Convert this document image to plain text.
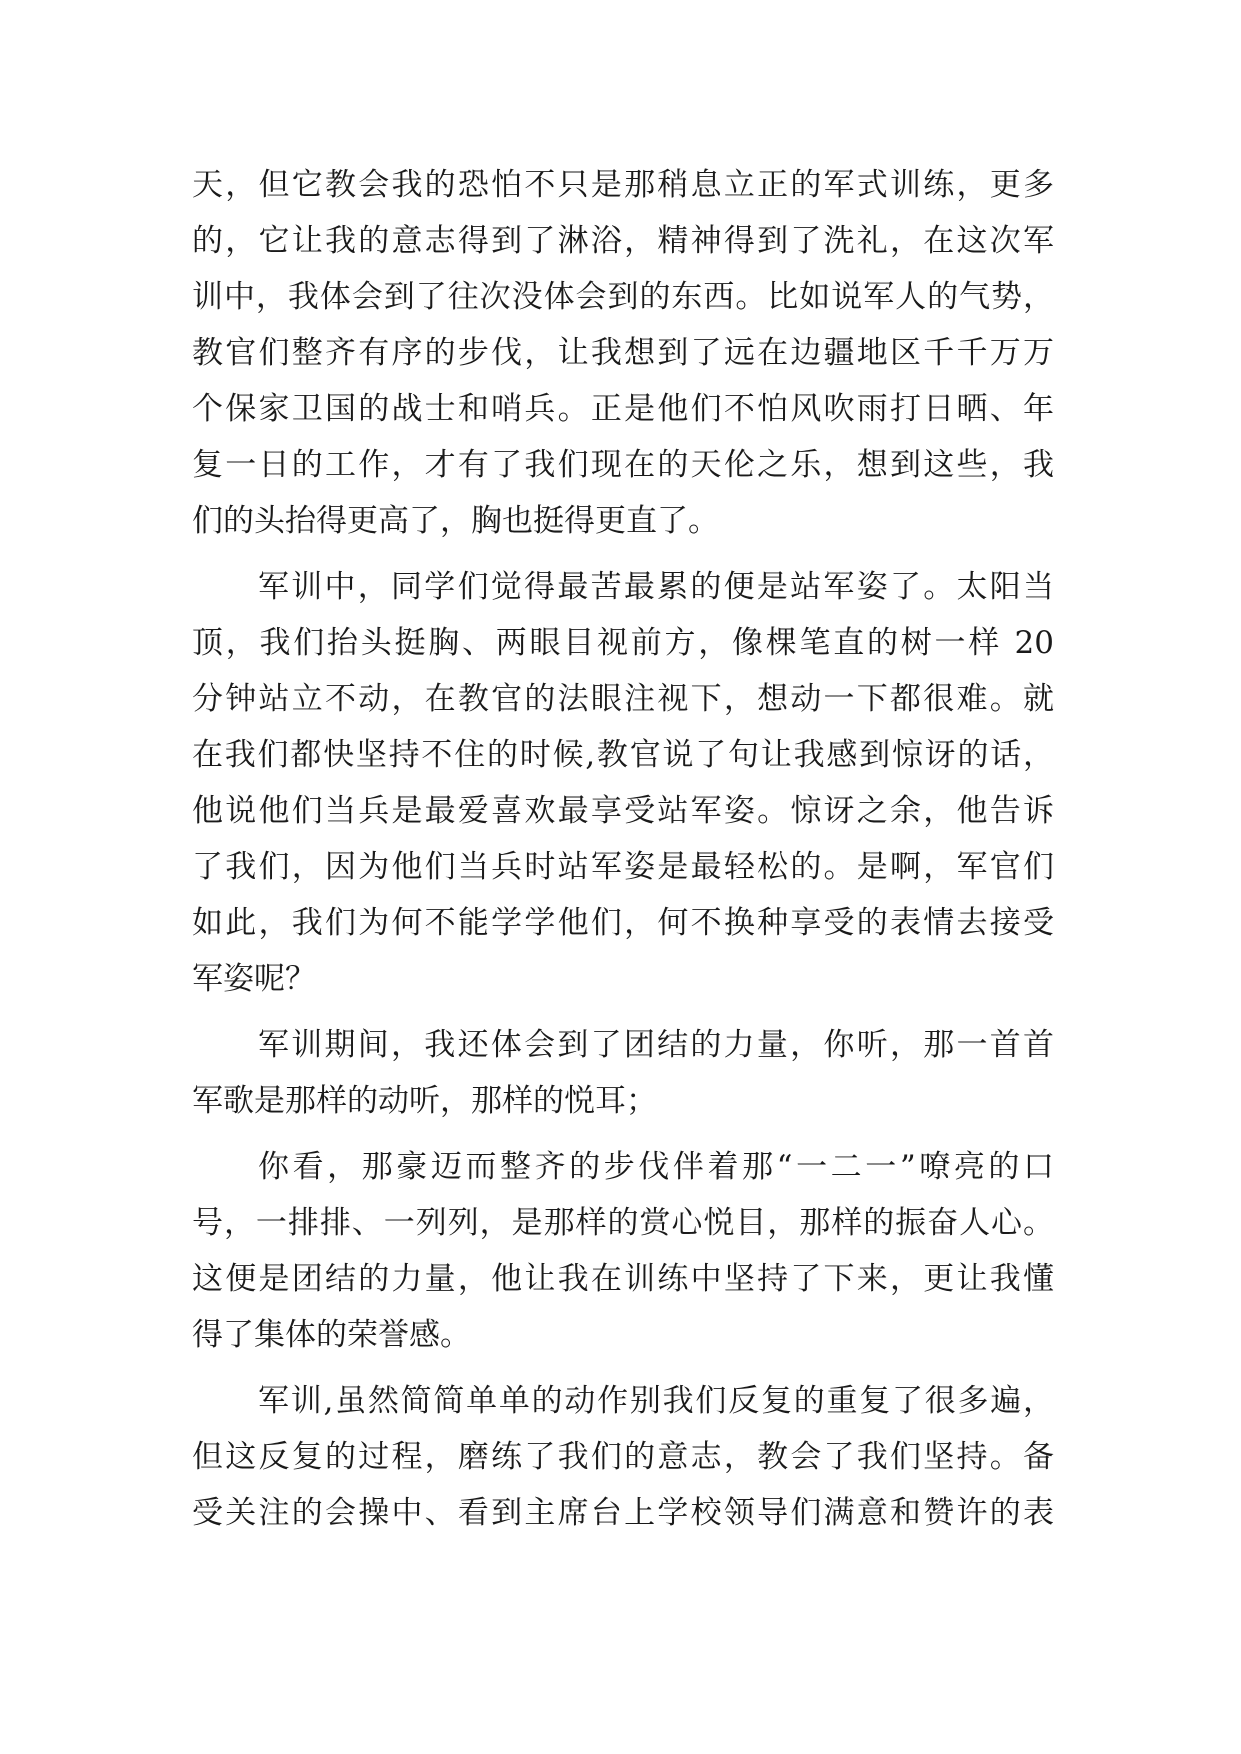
天，但它教会我的恐怕不只是那稍息立正的军式训练，更多
的，它让我的意志得到了淋浴，精神得到了洗礼，在这次军
训中，我体会到了往次没体会到的东西。比如说军人的气势，
教官们整齐有序的步伐，让我想到了远在边疆地区千千万万
个保家卫国的战士和哨兵。正是他们不怕风吹雨打日晒、年
复一日的工作，才有了我们现在的天伦之乐，想到这些，我
们的头抬得更高了，胸也挺得更直了。
军训中，同学们觉得最苦最累的便是站军姿了。太阳当
顶，我们抬头挺胸、两眼目视前方，像棵笔直的树一样 20
分钟站立不动，在教官的法眼注视下，想动一下都很难。就
在我们都快坚持不住的时候,教官说了句让我感到惊讶的话，
他说他们当兵是最爱喜欢最享受站军姿。惊讶之余，他告诉
了我们，因为他们当兵时站军姿是最轻松的。是啊，军官们
如此，我们为何不能学学他们，何不换种享受的表情去接受
军姿呢？
军训期间，我还体会到了团结的力量，你听，那一首首
军歌是那样的动听，那样的悦耳；
你看，那豪迈而整齐的步伐伴着那“一二一”嘹亮的口
号，一排排、一列列，是那样的赏心悦目，那样的振奋人心。
这便是团结的力量，他让我在训练中坚持了下来，更让我懂
得了集体的荣誉感。
军训,虽然简简单单的动作别我们反复的重复了很多遍，
但这反复的过程，磨练了我们的意志，教会了我们坚持。备
受关注的会操中、看到主席台上学校领导们满意和赞许的表
